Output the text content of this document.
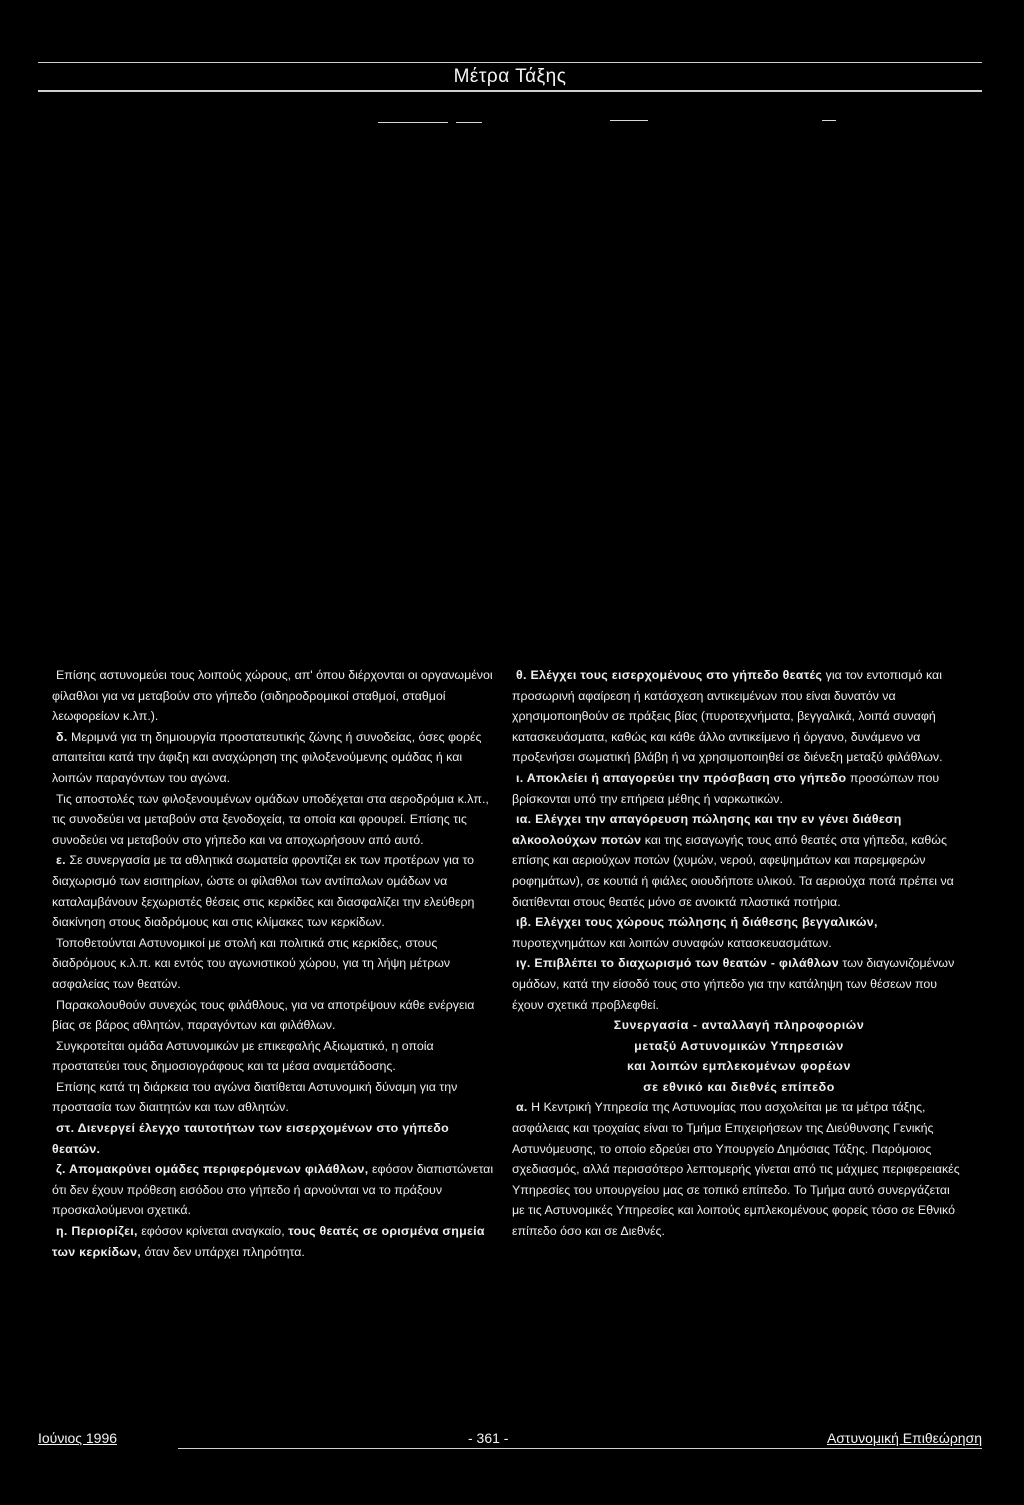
Μέτρα Τάξης

Επίσης αστυνομεύει τους λοιπούς χώρους, απ' όπου διέρχονται οι οργανωμένοι φίλαθλοι για να μεταβούν στο γήπεδο (σιδηροδρομικοί σταθμοί, σταθμοί λεωφορείων κ.λπ.).

δ. Μεριμνά για τη δημιουργία προστατευτικής ζώνης ή συνοδείας, όσες φορές απαιτείται κατά την άφιξη και αναχώρηση της φιλοξενούμενης ομάδας ή και λοιπών παραγόντων του αγώνα.

Τις αποστολές των φιλοξενουμένων ομάδων υποδέχεται στα αεροδρόμια κ.λπ., τις συνοδεύει να μεταβούν στα ξενοδοχεία, τα οποία και φρουρεί. Επίσης τις συνοδεύει να μεταβούν στο γήπεδο και να αποχωρήσουν από αυτό.

ε. Σε συνεργασία με τα αθλητικά σωματεία φροντίζει εκ των προτέρων για το διαχωρισμό των εισιτηρίων, ώστε οι φίλαθλοι των αντίπαλων ομάδων να καταλαμβάνουν ξεχωριστές θέσεις στις κερκίδες και διασφαλίζει την ελεύθερη διακίνηση στους διαδρόμους και στις κλίμακες των κερκίδων.

Τοποθετούνται Αστυνομικοί με στολή και πολιτικά στις κερκίδες, στους διαδρόμους κ.λ.π. και εντός του αγωνιστικού χώρου, για τη λήψη μέτρων ασφαλείας των θεατών.

Παρακολουθούν συνεχώς τους φιλάθλους, για να αποτρέψουν κάθε ενέργεια βίας σε βάρος αθλητών, παραγόντων και φιλάθλων.

Συγκροτείται ομάδα Αστυνομικών με επικεφαλής Αξιωματικό, η οποία προστατεύει τους δημοσιογράφους και τα μέσα αναμετάδοσης.

Επίσης κατά τη διάρκεια του αγώνα διατίθεται Αστυνομική δύναμη για την προστασία των διαιτητών και των αθλητών.

στ. Διενεργεί έλεγχο ταυτοτήτων των εισερχομένων στο γήπεδο θεατών.

ζ. Απομακρύνει ομάδες περιφερόμενων φιλάθλων, εφόσον διαπιστώνεται ότι δεν έχουν πρόθεση εισόδου στο γήπεδο ή αρνούνται να το πράξουν προσκαλούμενοι σχετικά.

η. Περιορίζει, εφόσον κρίνεται αναγκαίο, τους θεατές σε ορισμένα σημεία των κερκίδων, όταν δεν υπάρχει πληρότητα.

θ. Ελέγχει τους εισερχομένους στο γήπεδο θεατές για τον εντοπισμό και προσωρινή αφαίρεση ή κατάσχεση αντικειμένων που είναι δυνατόν να χρησιμοποιηθούν σε πράξεις βίας (πυροτεχνήματα, βεγγαλικά, λοιπά συναφή κατασκευάσματα, καθώς και κάθε άλλο αντικείμενο ή όργανο, δυνάμενο να προξενήσει σωματική βλάβη ή να χρησιμοποιηθεί σε διένεξη μεταξύ φιλάθλων.

ι. Αποκλείει ή απαγορεύει την πρόσβαση στο γήπεδο προσώπων που βρίσκονται υπό την επήρεια μέθης ή ναρκωτικών.

ια. Ελέγχει την απαγόρευση πώλησης και την εν γένει διάθεση αλκοολούχων ποτών και της εισαγωγής τους από θεατές στα γήπεδα, καθώς επίσης και αεριούχων ποτών (χυμών, νερού, αφεψημάτων και παρεμφερών ροφημάτων), σε κουτιά ή φιάλες οιουδήποτε υλικού. Τα αεριούχα ποτά πρέπει να διατίθενται στους θεατές μόνο σε ανοικτά πλαστικά ποτήρια.

ιβ. Ελέγχει τους χώρους πώλησης ή διάθεσης βεγγαλικών, πυροτεχνημάτων και λοιπών συναφών κατασκευασμάτων.

ιγ. Επιβλέπει το διαχωρισμό των θεατών - φιλάθλων των διαγωνιζομένων ομάδων, κατά την είσοδό τους στο γήπεδο για την κατάληψη των θέσεων που έχουν σχετικά προβλεφθεί.

Συνεργασία - ανταλλαγή πληροφοριών
μεταξύ Αστυνομικών Υπηρεσιών
και λοιπών εμπλεκομένων φορέων
σε εθνικό και διεθνές επίπεδο

α. Η Κεντρική Υπηρεσία της Αστυνομίας που ασχολείται με τα μέτρα τάξης, ασφάλειας και τροχαίας είναι το Τμήμα Επιχειρήσεων της Διεύθυνσης Γενικής Αστυνόμευσης, το οποίο εδρεύει στο Υπουργείο Δημόσιας Τάξης. Παρόμοιος σχεδιασμός, αλλά περισσότερο λεπτομερής γίνεται από τις μάχιμες περιφερειακές Υπηρεσίες του υπουργείου μας σε τοπικό επίπεδο. Το Τμήμα αυτό συνεργάζεται με τις Αστυνομικές Υπηρεσίες και λοιπούς εμπλεκομένους φορείς τόσο σε Εθνικό επίπεδο όσο και σε Διεθνές.

Ιούνιος 1996	- 361 -	Αστυνομική Επιθεώρηση
